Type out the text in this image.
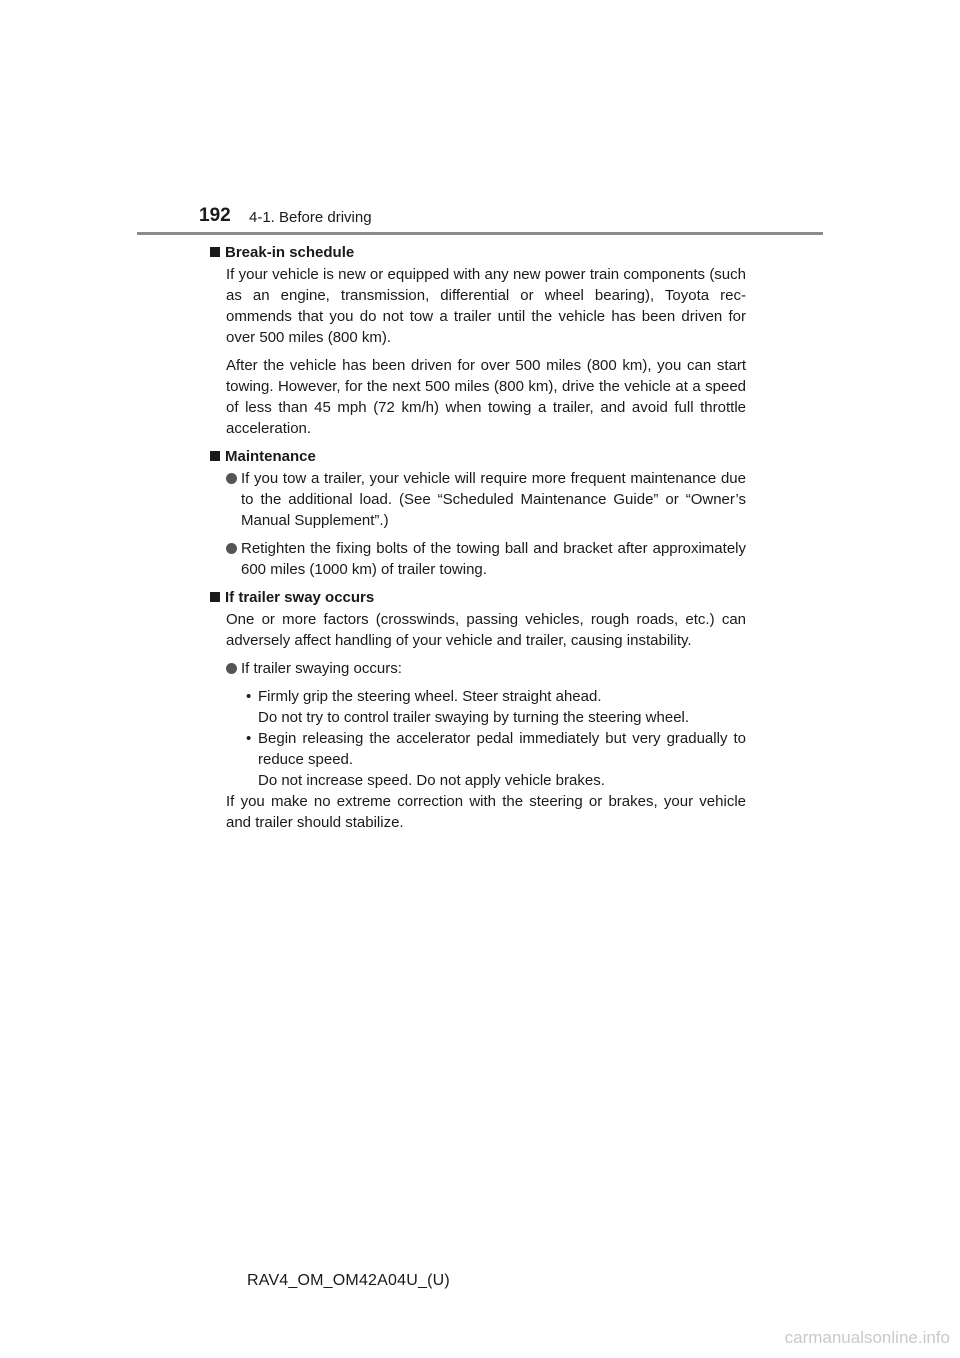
192 4-1. Before driving

Break-in schedule

If your vehicle is new or equipped with any new power train components (such as an engine, transmission, differential or wheel bearing), Toyota rec-ommends that you do not tow a trailer until the vehicle has been driven for over 500 miles (800 km).

After the vehicle has been driven for over 500 miles (800 km), you can start towing. However, for the next 500 miles (800 km), drive the vehicle at a speed of less than 45 mph (72 km/h) when towing a trailer, and avoid full throttle acceleration.

Maintenance

If you tow a trailer, your vehicle will require more frequent maintenance due to the additional load. (See “Scheduled Maintenance Guide” or “Owner’s Manual Supplement”.)

Retighten the fixing bolts of the towing ball and bracket after approximately 600 miles (1000 km) of trailer towing.

If trailer sway occurs

One or more factors (crosswinds, passing vehicles, rough roads, etc.) can adversely affect handling of your vehicle and trailer, causing instability.

If trailer swaying occurs:

• Firmly grip the steering wheel. Steer straight ahead.
Do not try to control trailer swaying by turning the steering wheel.
• Begin releasing the accelerator pedal immediately but very gradually to reduce speed.
Do not increase speed. Do not apply vehicle brakes.

If you make no extreme correction with the steering or brakes, your vehicle and trailer should stabilize.

RAV4_OM_OM42A04U_(U)
carmanualsonline.info
